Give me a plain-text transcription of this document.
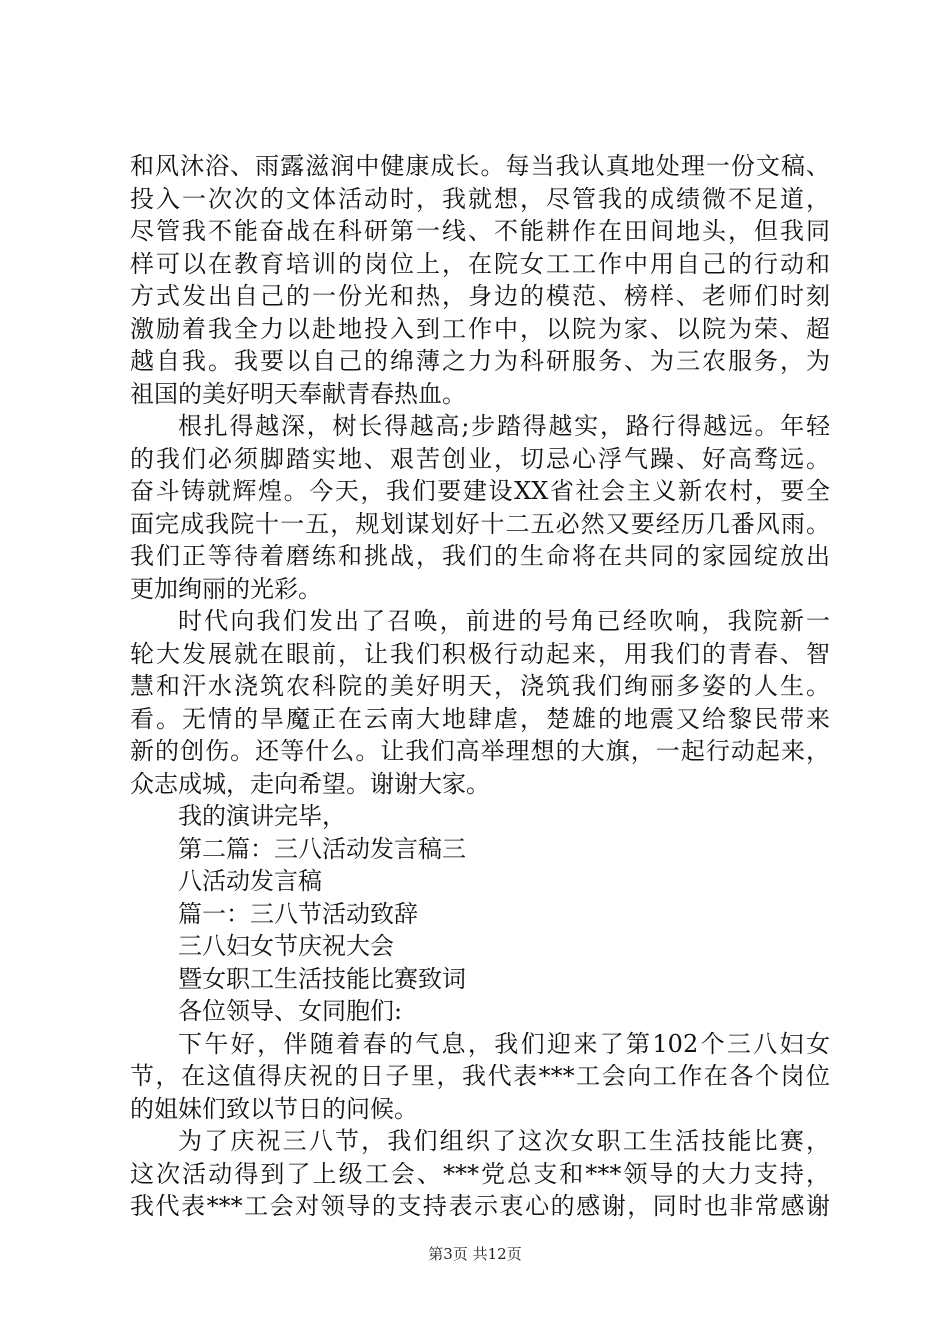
和风沐浴、雨露滋润中健康成长。每当我认真地处理一份文稿、
投入一次次的文体活动时，我就想，尽管我的成绩微不足道，
尽管我不能奋战在科研第一线、不能耕作在田间地头，但我同
样可以在教育培训的岗位上，在院女工工作中用自己的行动和
方式发出自己的一份光和热，身边的模范、榜样、老师们时刻
激励着我全力以赴地投入到工作中，以院为家、以院为荣、超
越自我。我要以自己的绵薄之力为科研服务、为三农服务，为
祖国的美好明天奉献青春热血。
根扎得越深，树长得越高;步踏得越实，路行得越远。年轻
的我们必须脚踏实地、艰苦创业，切忌心浮气躁、好高骛远。
奋斗铸就辉煌。今天，我们要建设XX省社会主义新农村，要全
面完成我院十一五，规划谋划好十二五必然又要经历几番风雨。
我们正等待着磨练和挑战，我们的生命将在共同的家园绽放出
更加绚丽的光彩。
时代向我们发出了召唤，前进的号角已经吹响，我院新一
轮大发展就在眼前，让我们积极行动起来，用我们的青春、智
慧和汗水浇筑农科院的美好明天，浇筑我们绚丽多姿的人生。
看。无情的旱魔正在云南大地肆虐，楚雄的地震又给黎民带来
新的创伤。还等什么。让我们高举理想的大旗，一起行动起来，
众志成城，走向希望。谢谢大家。
我的演讲完毕，
第二篇：三八活动发言稿三
八活动发言稿
篇一：三八节活动致辞
三八妇女节庆祝大会
暨女职工生活技能比赛致词
各位领导、女同胞们:
下午好，伴随着春的气息，我们迎来了第102个三八妇女
节，在这值得庆祝的日子里，我代表***工会向工作在各个岗位
的姐妹们致以节日的问候。
为了庆祝三八节，我们组织了这次女职工生活技能比赛，
这次活动得到了上级工会、***党总支和***领导的大力支持，
我代表***工会对领导的支持表示衷心的感谢，同时也非常感谢
第3页 共12页
